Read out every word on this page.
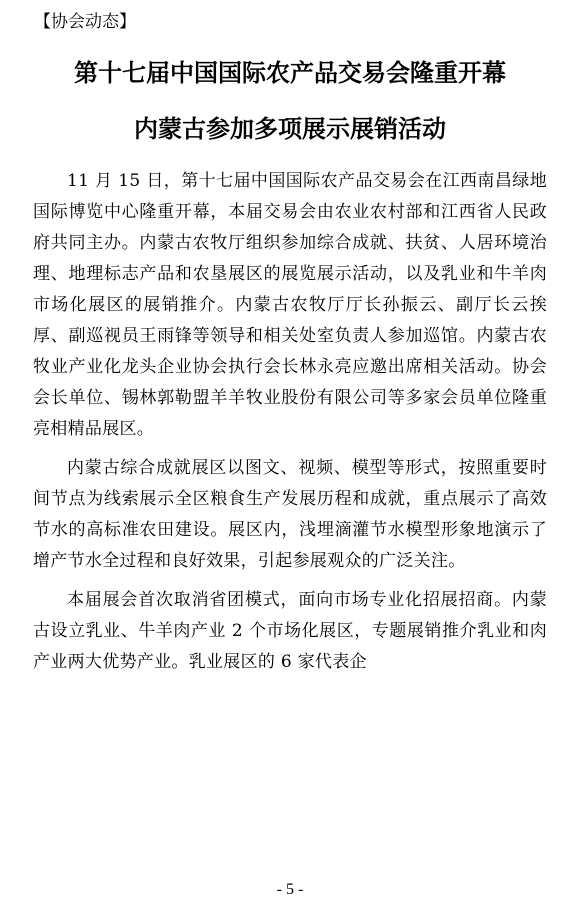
【协会动态】
第十七届中国国际农产品交易会隆重开幕
内蒙古参加多项展示展销活动

11 月 15 日，第十七届中国国际农产品交易会在江西南昌绿地国际博览中心隆重开幕，本届交易会由农业农村部和江西省人民政府共同主办。内蒙古农牧厅组织参加综合成就、扶贫、人居环境治理、地理标志产品和农垦展区的展览展示活动，以及乳业和牛羊肉市场化展区的展销推介。内蒙古农牧厅厅长孙振云、副厅长云挨厚、副巡视员王雨锋等领导和相关处室负责人参加巡馆。内蒙古农牧业产业化龙头企业协会执行会长林永亮应邀出席相关活动。协会会长单位、锡林郭勒盟羊羊牧业股份有限公司等多家会员单位隆重亮相精品展区。

内蒙古综合成就展区以图文、视频、模型等形式，按照重要时间节点为线索展示全区粮食生产发展历程和成就，重点展示了高效节水的高标准农田建设。展区内，浅埋滴灌节水模型形象地演示了增产节水全过程和良好效果，引起参展观众的广泛关注。

本届展会首次取消省团模式，面向市场专业化招展招商。内蒙古设立乳业、牛羊肉产业 2 个市场化展区，专题展销推介乳业和肉产业两大优势产业。乳业展区的 6 家代表企

- 5 -
